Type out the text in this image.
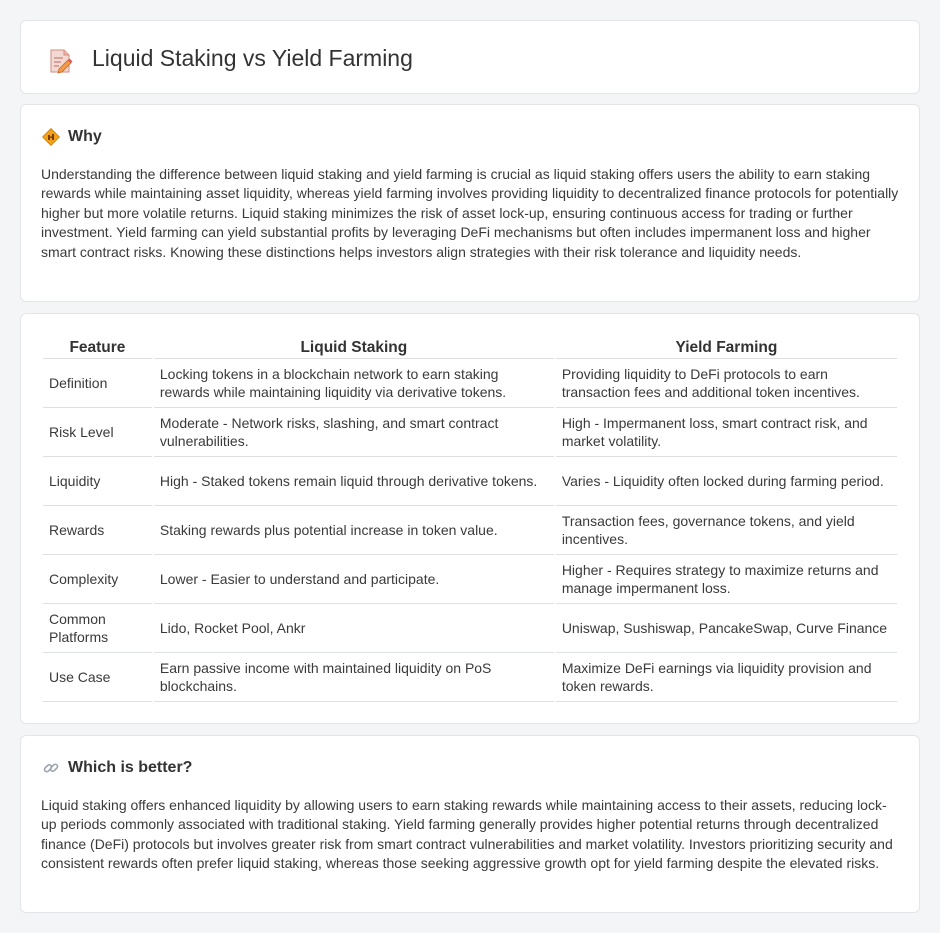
Liquid Staking vs Yield Farming
Why

Understanding the difference between liquid staking and yield farming is crucial as liquid staking offers users the ability to earn staking rewards while maintaining asset liquidity, whereas yield farming involves providing liquidity to decentralized finance protocols for potentially higher but more volatile returns. Liquid staking minimizes the risk of asset lock-up, ensuring continuous access for trading or further investment. Yield farming can yield substantial profits by leveraging DeFi mechanisms but often includes impermanent loss and higher smart contract risks. Knowing these distinctions helps investors align strategies with their risk tolerance and liquidity needs.

Feature	Liquid Staking	Yield Farming
Definition	Locking tokens in a blockchain network to earn staking rewards while maintaining liquidity via derivative tokens.	Providing liquidity to DeFi protocols to earn transaction fees and additional token incentives.
Risk Level	Moderate - Network risks, slashing, and smart contract vulnerabilities.	High - Impermanent loss, smart contract risk, and market volatility.
Liquidity	High - Staked tokens remain liquid through derivative tokens.	Varies - Liquidity often locked during farming period.
Rewards	Staking rewards plus potential increase in token value.	Transaction fees, governance tokens, and yield incentives.
Complexity	Lower - Easier to understand and participate.	Higher - Requires strategy to maximize returns and manage impermanent loss.
Common Platforms	Lido, Rocket Pool, Ankr	Uniswap, Sushiswap, PancakeSwap, Curve Finance
Use Case	Earn passive income with maintained liquidity on PoS blockchains.	Maximize DeFi earnings via liquidity provision and token rewards.
Which is better?

Liquid staking offers enhanced liquidity by allowing users to earn staking rewards while maintaining access to their assets, reducing lock-up periods commonly associated with traditional staking. Yield farming generally provides higher potential returns through decentralized finance (DeFi) protocols but involves greater risk from smart contract vulnerabilities and market volatility. Investors prioritizing security and consistent rewards often prefer liquid staking, whereas those seeking aggressive growth opt for yield farming despite the elevated risks.
